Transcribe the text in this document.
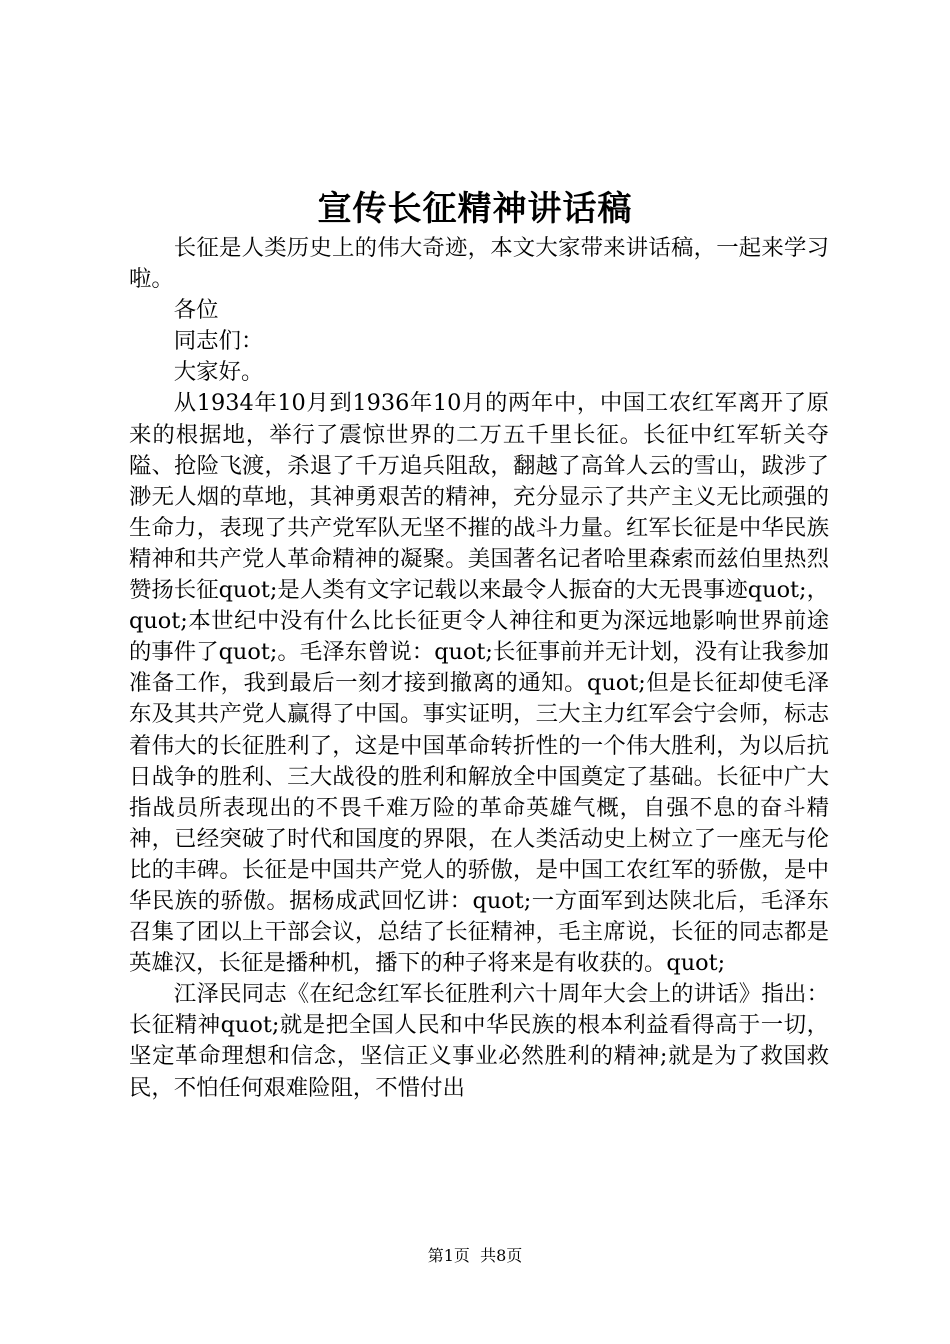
宣传长征精神讲话稿

长征是人类历史上的伟大奇迹，本文大家带来讲话稿，一起来学习啦。

各位

同志们：

大家好。

从1934年10月到1936年10月的两年中，中国工农红军离开了原来的根据地，举行了震惊世界的二万五千里长征。长征中红军斩关夺隘、抢险飞渡，杀退了千万追兵阻敌，翻越了高耸人云的雪山，跋涉了渺无人烟的草地，其神勇艰苦的精神，充分显示了共产主义无比顽强的生命力，表现了共产党军队无坚不摧的战斗力量。红军长征是中华民族精神和共产党人革命精神的凝聚。美国著名记者哈里森索而兹伯里热烈赞扬长征quot;是人类有文字记载以来最令人振奋的大无畏事迹quot;，quot;本世纪中没有什么比长征更令人神往和更为深远地影响世界前途的事件了quot;。毛泽东曾说：quot;长征事前并无计划，没有让我参加准备工作，我到最后一刻才接到撤离的通知。quot;但是长征却使毛泽东及其共产党人赢得了中国。事实证明，三大主力红军会宁会师，标志着伟大的长征胜利了，这是中国革命转折性的一个伟大胜利，为以后抗日战争的胜利、三大战役的胜利和解放全中国奠定了基础。长征中广大指战员所表现出的不畏千难万险的革命英雄气概，自强不息的奋斗精神，已经突破了时代和国度的界限，在人类活动史上树立了一座无与伦比的丰碑。长征是中国共产党人的骄傲，是中国工农红军的骄傲，是中华民族的骄傲。据杨成武回忆讲：quot;一方面军到达陕北后，毛泽东召集了团以上干部会议，总结了长征精神，毛主席说，长征的同志都是英雄汉，长征是播种机，播下的种子将来是有收获的。quot;

江泽民同志《在纪念红军长征胜利六十周年大会上的讲话》指出：长征精神quot;就是把全国人民和中华民族的根本利益看得高于一切，坚定革命理想和信念，坚信正义事业必然胜利的精神;就是为了救国救民，不怕任何艰难险阻，不惜付出

第1页  共8页
